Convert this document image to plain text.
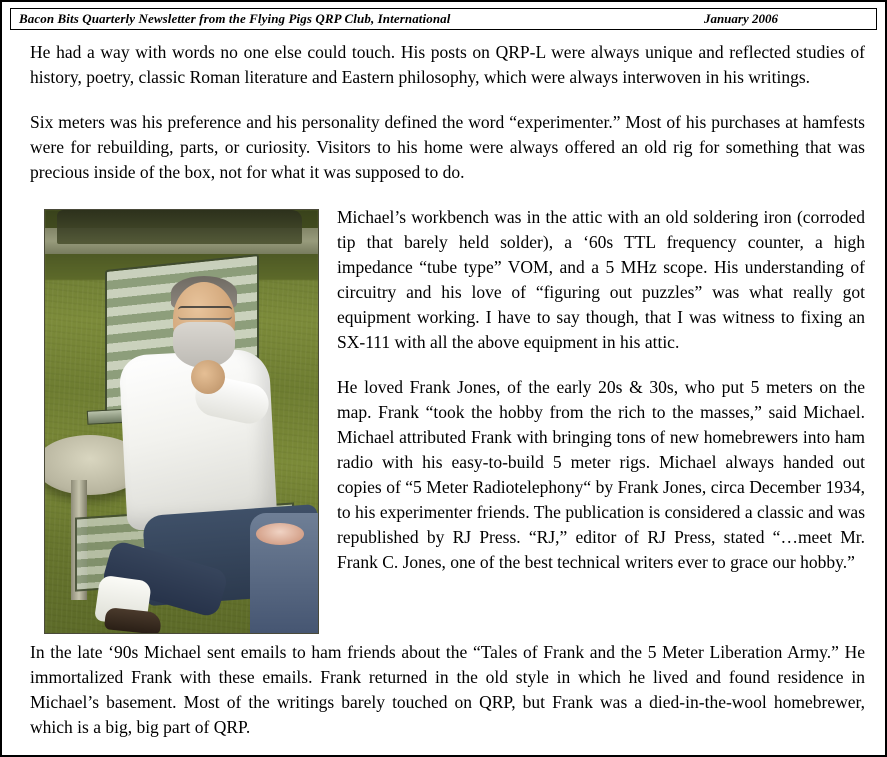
Bacon Bits Quarterly Newsletter from the Flying Pigs QRP Club, International	January 2006

He had a way with words no one else could touch. His posts on QRP-L were always unique and reflected studies of history, poetry, classic Roman literature and Eastern philosophy, which were always interwoven in his writings.

Six meters was his preference and his personality defined the word “experimenter.” Most of his purchases at hamfests were for rebuilding, parts, or curiosity. Visitors to his home were always offered an old rig for something that was precious inside of the box, not for what it was supposed to do.

Michael’s workbench was in the attic with an old soldering iron (corroded tip that barely held solder), a ‘60s TTL frequency counter, a high impedance “tube type” VOM, and a 5 MHz scope. His understanding of circuitry and his love of “figuring out puzzles” was what really got equipment working. I have to say though, that I was witness to fixing an SX-111 with all the above equipment in his attic.

He loved Frank Jones, of the early 20s & 30s, who put 5 meters on the map. Frank “took the hobby from the rich to the masses,” said Michael. Michael attributed Frank with bringing tons of new homebrewers into ham radio with his easy-to-build 5 meter rigs. Michael always handed out copies of “5 Meter Radiotelephony“ by Frank Jones, circa December 1934, to his experimenter friends. The publication is considered a classic and was republished by RJ Press. “RJ,” editor of RJ Press, stated “…meet Mr. Frank C. Jones, one of the best technical writers ever to grace our hobby.”

In the late ‘90s Michael sent emails to ham friends about the “Tales of Frank and the 5 Meter Liberation Army.” He immortalized Frank with these emails. Frank returned in the old style in which he lived and found residence in Michael’s basement. Most of the writings barely touched on QRP, but Frank was a died-in-the-wool homebrewer, which is a big, big part of QRP.
